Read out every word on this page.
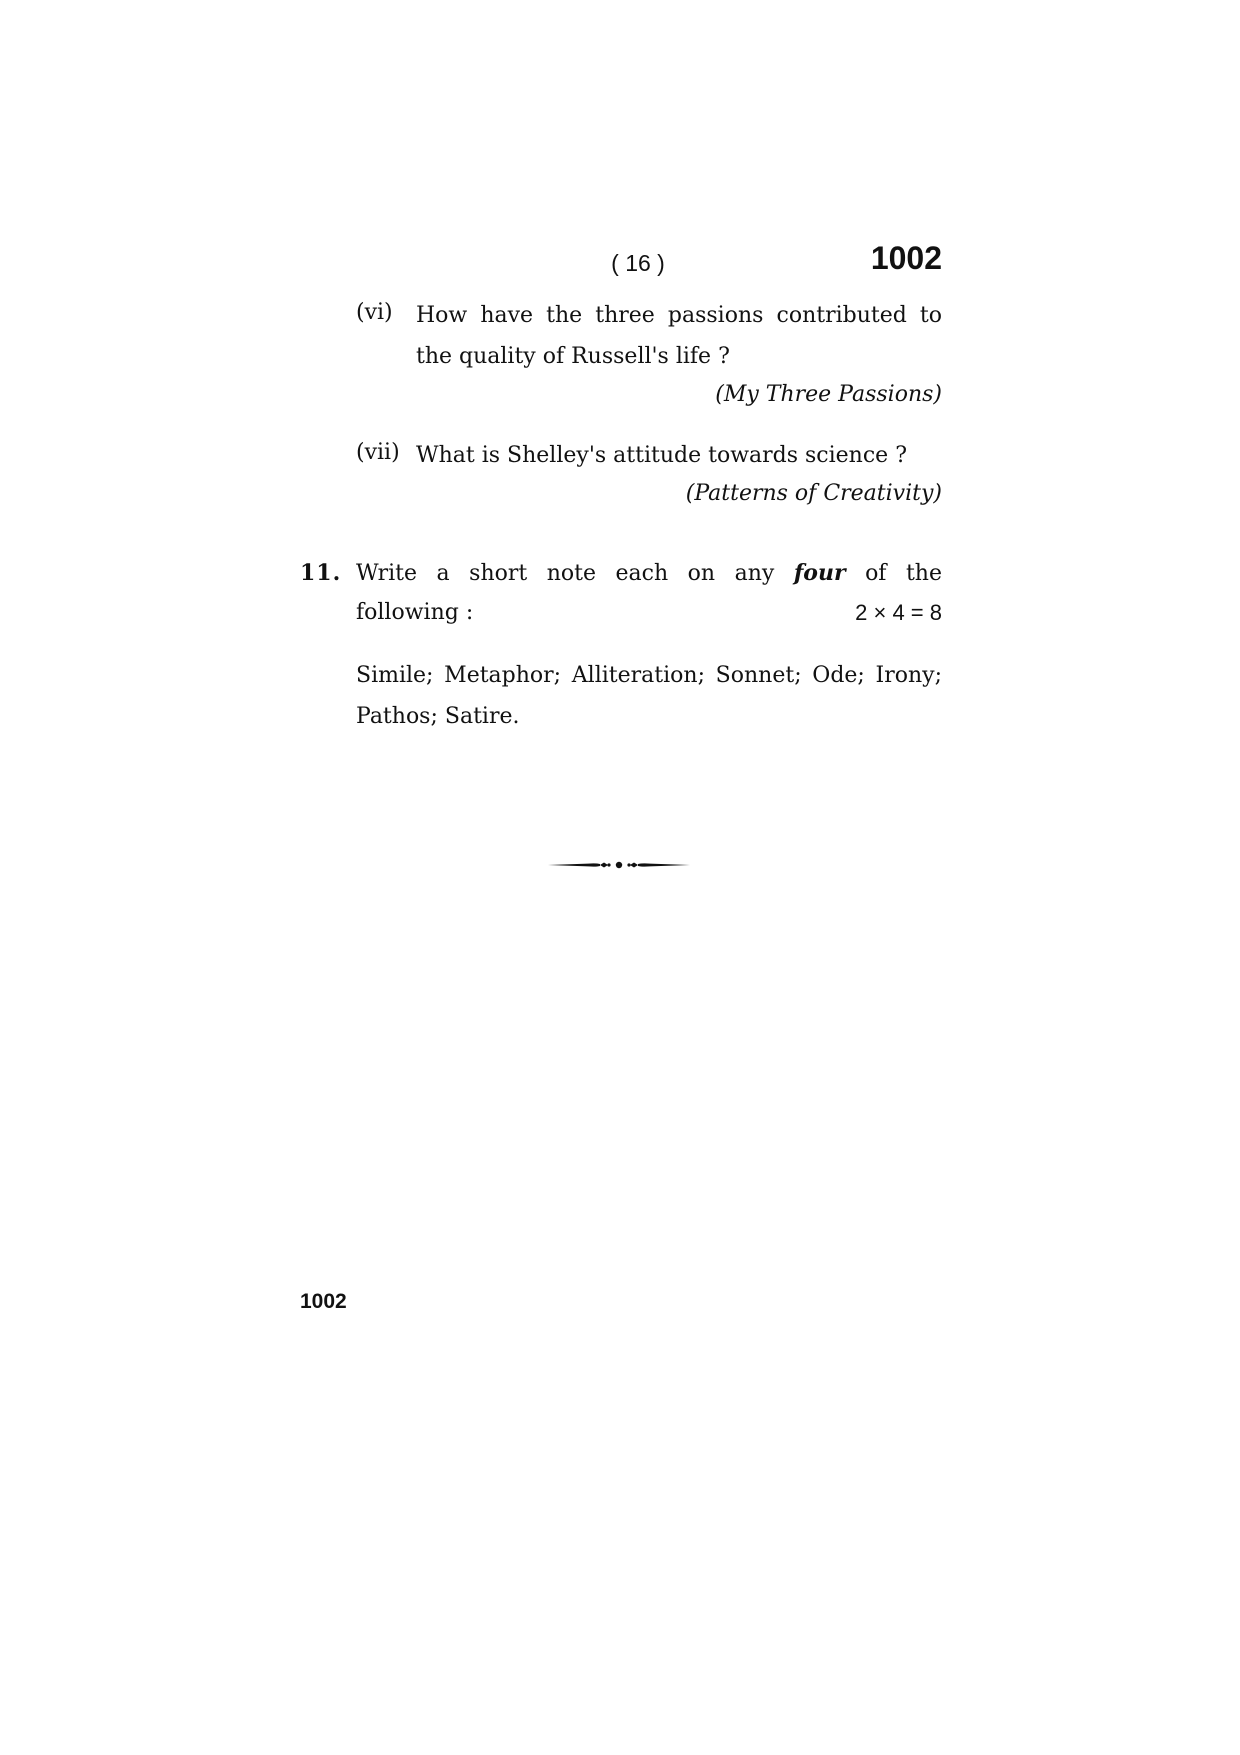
( 16 )	1002
(vi) How have the three passions contributed to the quality of Russell's life ?
(My Three Passions)
(vii) What is Shelley's attitude towards science ?
(Patterns of Creativity)
11. Write a short note each on any four of the
following :	2 × 4 = 8
Simile; Metaphor; Alliteration; Sonnet; Ode; Irony; Pathos; Satire.
1002
